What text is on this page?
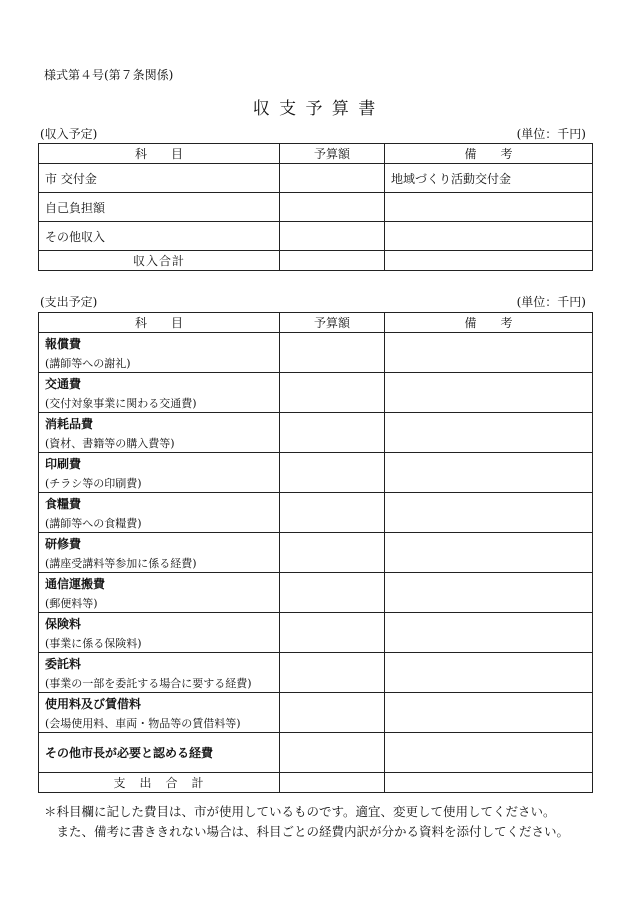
様式第４号(第７条関係)
収 支 予 算 書
(収入予定)	(単位：千円)
科　　目	予算額	備　　考
市 交付金		地域づくり活動交付金
自己負担額		
その他収入		
収入合計		
(支出予定)	(単位：千円)
科　　目	予算額	備　　考
報償費
(講師等への謝礼)		

交通費
(交付対象事業に関わる交通費)		

消耗品費
(資材、書籍等の購入費等)		

印刷費
(チラシ等の印刷費)		

食糧費
(講師等への食糧費)		

研修費
(講座受講料等参加に係る経費)		

通信運搬費
(郵便料等)		

保険料
(事業に係る保険料)		

委託料
(事業の一部を委託する場合に要する経費)		

使用料及び賃借料
(会場使用料、車両・物品等の賃借料等)		

その他市長が必要と認める経費		
支　出　合　計		
＊科目欄に記した費目は、市が使用しているものです。適宜、変更して使用してください。
　また、備考に書ききれない場合は、科目ごとの経費内訳が分かる資料を添付してください。
